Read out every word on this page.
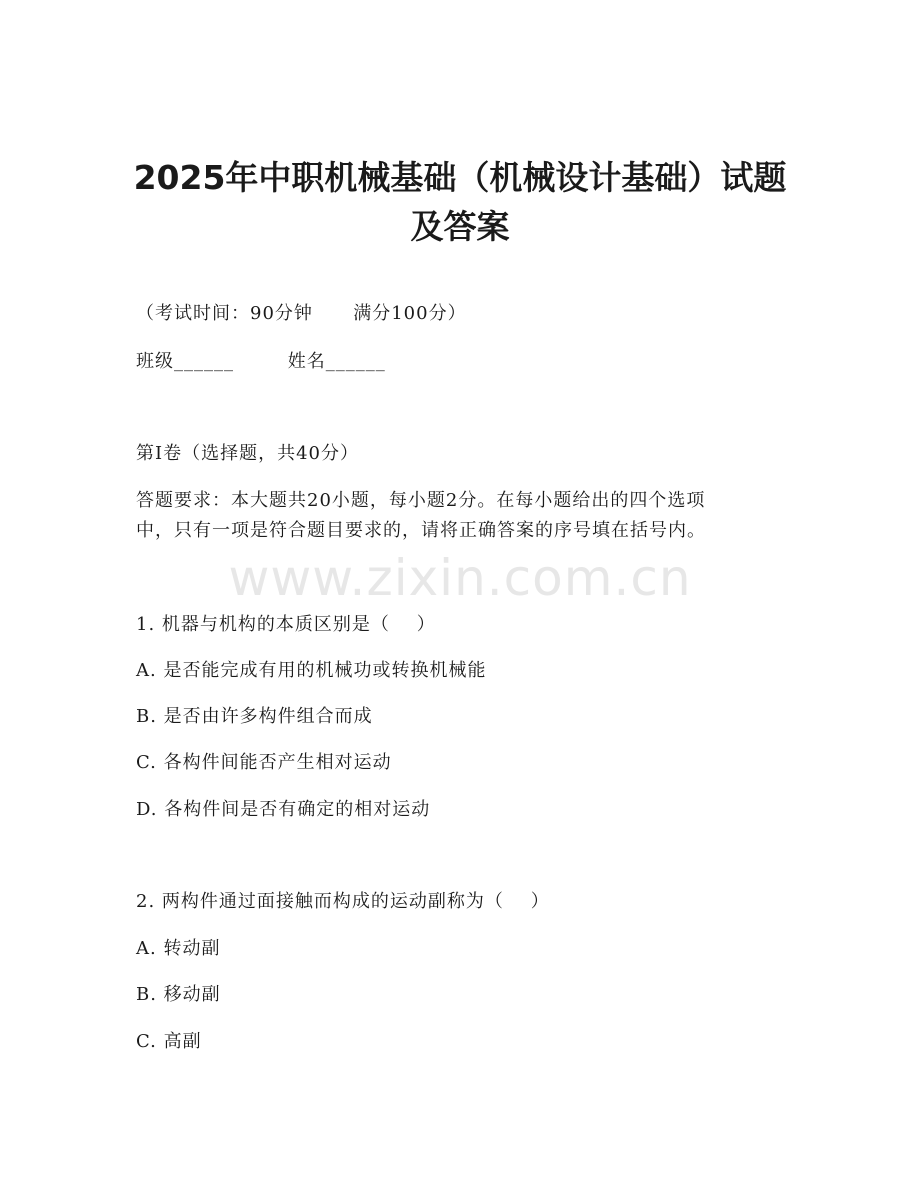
2025年中职机械基础（机械设计基础）试题
及答案
（考试时间：90分钟      满分100分）
班级______        姓名______
第Ⅰ卷（选择题，共40分）
答题要求：本大题共20小题，每小题2分。在每小题给出的四个选项
中，只有一项是符合题目要求的，请将正确答案的序号填在括号内。
www.zixin.com.cn
1. 机器与机构的本质区别是（    ）
A. 是否能完成有用的机械功或转换机械能
B. 是否由许多构件组合而成
C. 各构件间能否产生相对运动
D. 各构件间是否有确定的相对运动
2. 两构件通过面接触而构成的运动副称为（    ）
A. 转动副
B. 移动副
C. 高副
